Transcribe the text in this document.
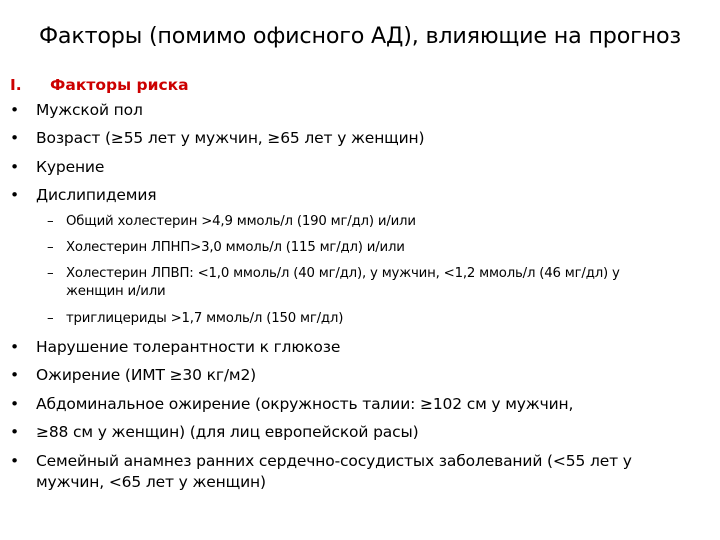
Факторы (помимо офисного АД), влияющие на прогноз
I. Факторы риска
• Мужской пол
• Возраст (≥55 лет у мужчин, ≥65 лет у женщин)
• Курение
• Дислипидемия
– Общий холестерин >4,9 ммоль/л (190 мг/дл) и/или
– Холестерин ЛПНП>3,0 ммоль/л (115 мг/дл) и/или
– Холестерин ЛПВП: <1,0 ммоль/л (40 мг/дл), у мужчин, <1,2 ммоль/л (46 мг/дл) у
женщин и/или
– триглицериды >1,7 ммоль/л (150 мг/дл)
• Нарушение толерантности к глюкозе
• Ожирение (ИМТ ≥30 кг/м2)
• Абдоминальное ожирение (окружность талии: ≥102 см у мужчин,
• ≥88 см у женщин) (для лиц европейской расы)
• Семейный анамнез ранних сердечно-сосудистых заболеваний (<55 лет у
мужчин, <65 лет у женщин)
